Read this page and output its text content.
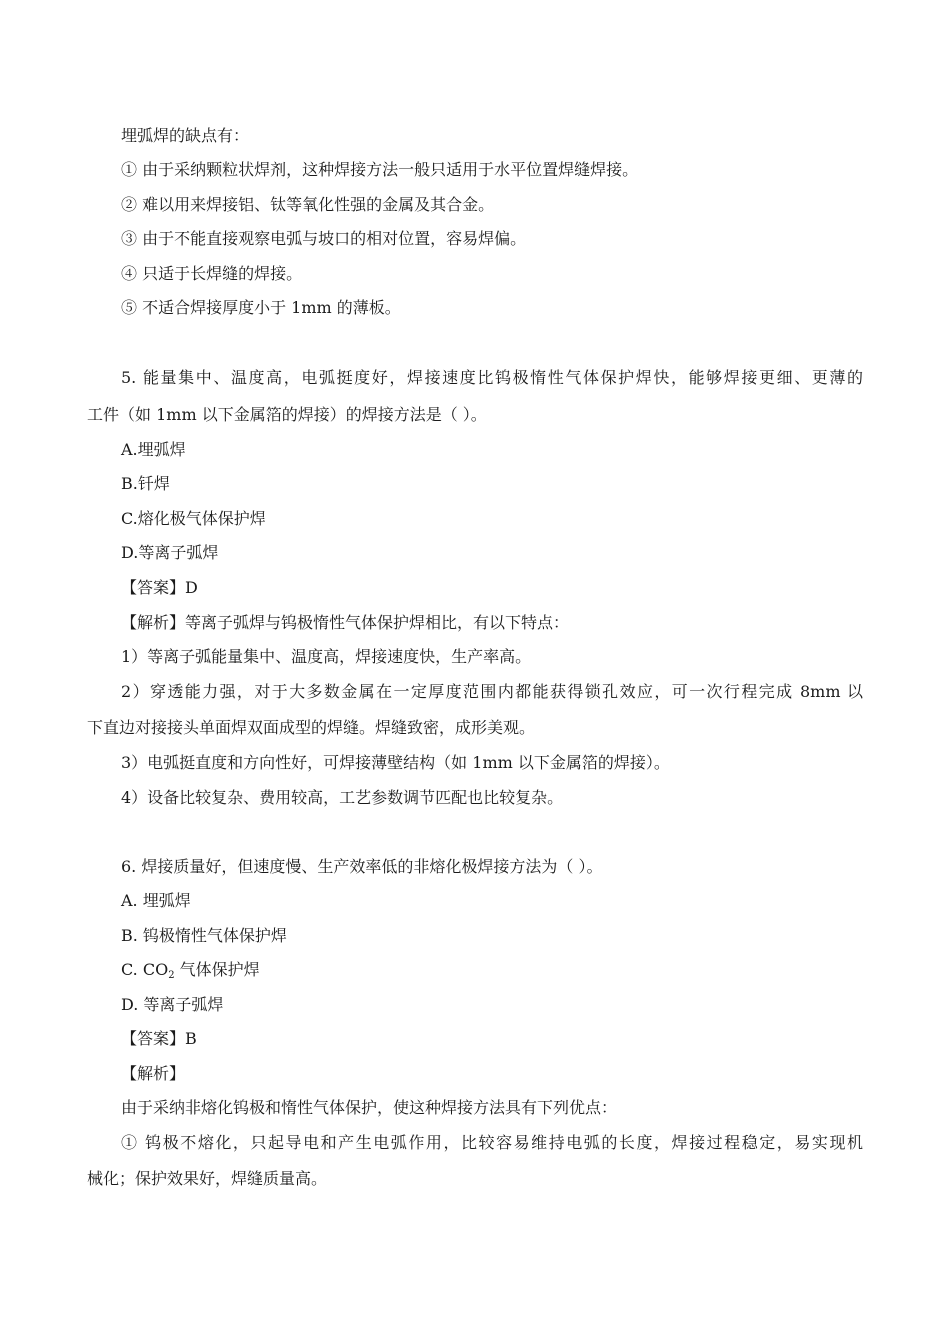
埋弧焊的缺点有：
① 由于采纳颗粒状焊剂，这种焊接方法一般只适用于水平位置焊缝焊接。
② 难以用来焊接铝、钛等氧化性强的金属及其合金。
③ 由于不能直接观察电弧与坡口的相对位置，容易焊偏。
④ 只适于长焊缝的焊接。
⑤ 不适合焊接厚度小于 1mm 的薄板。
5. 能量集中、温度高，电弧挺度好，焊接速度比钨极惰性气体保护焊快，能够焊接更细、更薄的
工件（如 1mm 以下金属箔的焊接）的焊接方法是（ ）。
A.埋弧焊
B.钎焊
C.熔化极气体保护焊
D.等离子弧焊
【答案】D
【解析】等离子弧焊与钨极惰性气体保护焊相比，有以下特点：
1）等离子弧能量集中、温度高，焊接速度快，生产率高。
2）穿透能力强，对于大多数金属在一定厚度范围内都能获得锁孔效应，可一次行程完成 8mm 以
下直边对接接头单面焊双面成型的焊缝。焊缝致密，成形美观。
3）电弧挺直度和方向性好，可焊接薄壁结构（如 1mm 以下金属箔的焊接）。
4）设备比较复杂、费用较高，工艺参数调节匹配也比较复杂。
6. 焊接质量好，但速度慢、生产效率低的非熔化极焊接方法为（ ）。
A. 埋弧焊
B. 钨极惰性气体保护焊
C. $CO_2$ 气体保护焊
D. 等离子弧焊
【答案】B
【解析】
由于采纳非熔化钨极和惰性气体保护，使这种焊接方法具有下列优点：
① 钨极不熔化，只起导电和产生电弧作用，比较容易维持电弧的长度，焊接过程稳定，易实现机
械化；保护效果好，焊缝质量高。
